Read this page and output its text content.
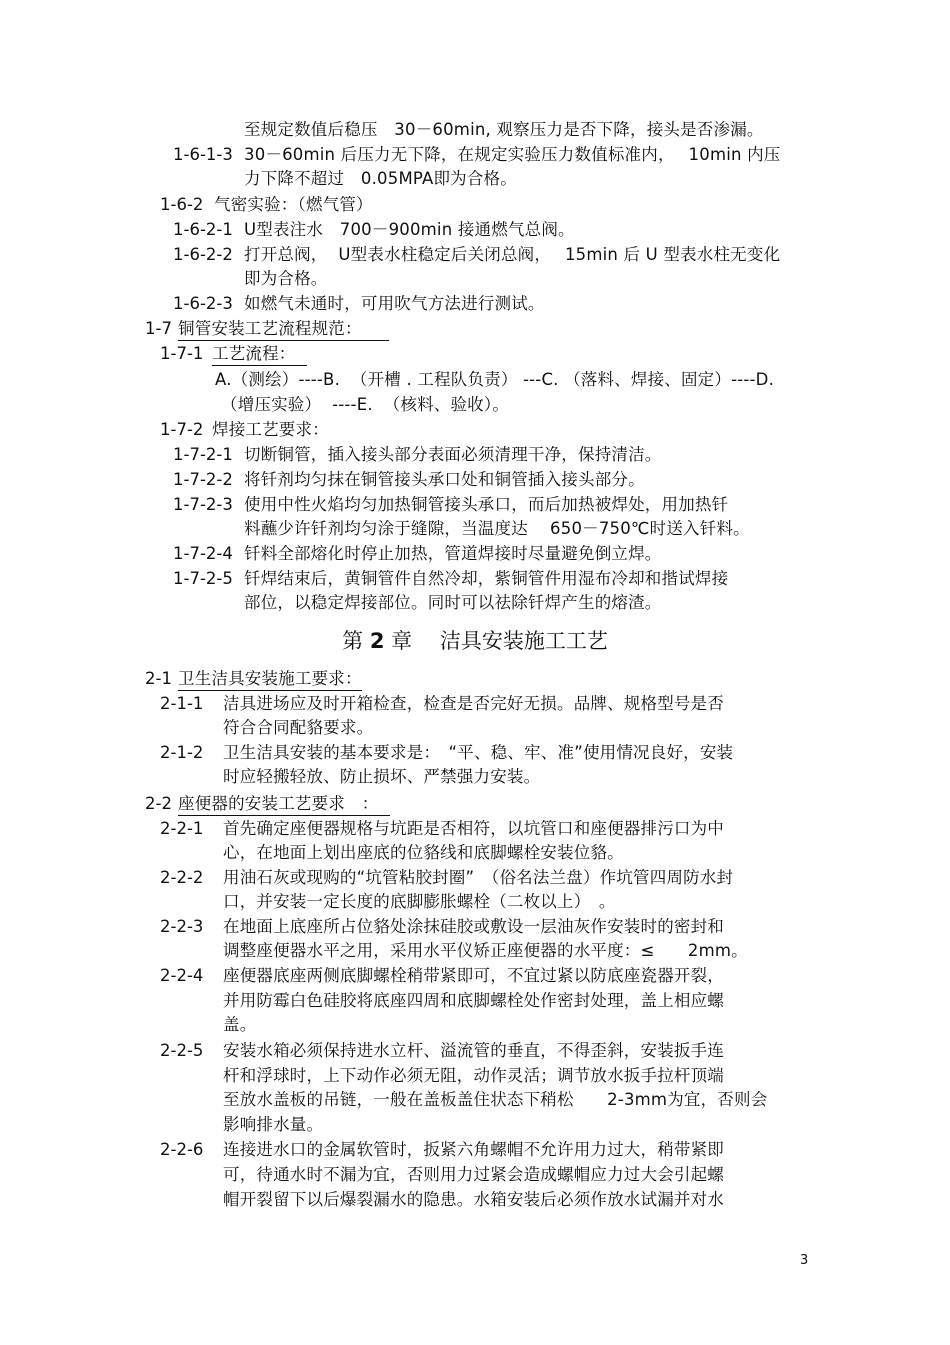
至规定数值后稳压　30－60min, 观察压力是否下降，接头是否渗漏。
1-6-1-3 30－60min 后压力无下降，在规定实验压力数值标准内，　 10min 内压
力下降不超过　0.05MPA即为合格。
1-6-2 气密实验：（燃气管）
1-6-2-1 U型表注水　700－900min 接通燃气总阀。
1-6-2-2 打开总阀，  U型表水柱稳定后关闭总阀，　 15min 后 U 型表水柱无变化
即为合格。
1-6-2-3 如燃气未通时，可用吹气方法进行测试。
1-7 铜管安装工艺流程规范：
1-7-1 工艺流程：
A.（测绘）----B.  （开槽 . 工程队负责） ---C. （落料、焊接、固定）----D.
（增压实验）  ----E.  （核料、验收）。
1-7-2 焊接工艺要求：
1-7-2-1 切断铜管，插入接头部分表面必须清理干净，保持清洁。
1-7-2-2 将钎剂均匀抹在铜管接头承口处和铜管插入接头部分。
1-7-2-3 使用中性火焰均匀加热铜管接头承口，而后加热被焊处，用加热钎
料蘸少许钎剂均匀涂于缝隙，当温度达　 650－750℃时送入钎料。
1-7-2-4 钎料全部熔化时停止加热，管道焊接时尽量避免倒立焊。
1-7-2-5 钎焊结束后，黄铜管件自然冷却，紫铜管件用湿布冷却和揩试焊接
部位，以稳定焊接部位。同时可以祛除钎焊产生的熔渣。
第 2 章　 洁具安装施工工艺
2-1 卫生洁具安装施工要求：
2-1-1 洁具进场应及时开箱检查，检查是否完好无损。品牌、规格型号是否
符合合同配貉要求。
2-1-2 卫生洁具安装的基本要求是：　“平、稳、牢、准”使用情况良好，安装
时应轻搬轻放、防止损坏、严禁强力安装。
2-2 座便器的安装工艺要求　：
2-2-1 首先确定座便器规格与坑距是否相符，以坑管口和座便器排污口为中
心，在地面上划出座底的位貉线和底脚螺栓安装位貉。
2-2-2 用油石灰或现购的“坑管粘胶封圈”　（俗名法兰盘）作坑管四周防水封
口，并安装一定长度的底脚膨胀螺栓（二枚以上）　。
2-2-3 在地面上底座所占位貉处涂抹硅胶或敷设一层油灰作安装时的密封和
调整座便器水平之用，采用水平仪矫正座便器的水平度：≤　　2mm。
2-2-4 座便器底座两侧底脚螺栓稍带紧即可，不宜过紧以防底座瓷器开裂，
并用防霉白色硅胶将底座四周和底脚螺栓处作密封处理，盖上相应螺
盖。
2-2-5 安装水箱必须保持进水立杆、溢流管的垂直，不得歪斜，安装扳手连
杆和浮球时，上下动作必须无阻，动作灵活；调节放水扳手拉杆顶端
至放水盖板的吊链，一般在盖板盖住状态下稍松　　2-3mm为宜，否则会
影响排水量。
2-2-6 连接进水口的金属软管时，扳紧六角螺帽不允许用力过大，稍带紧即
可，待通水时不漏为宜，否则用力过紧会造成螺帽应力过大会引起螺
帽开裂留下以后爆裂漏水的隐患。水箱安装后必须作放水试漏并对水
3
